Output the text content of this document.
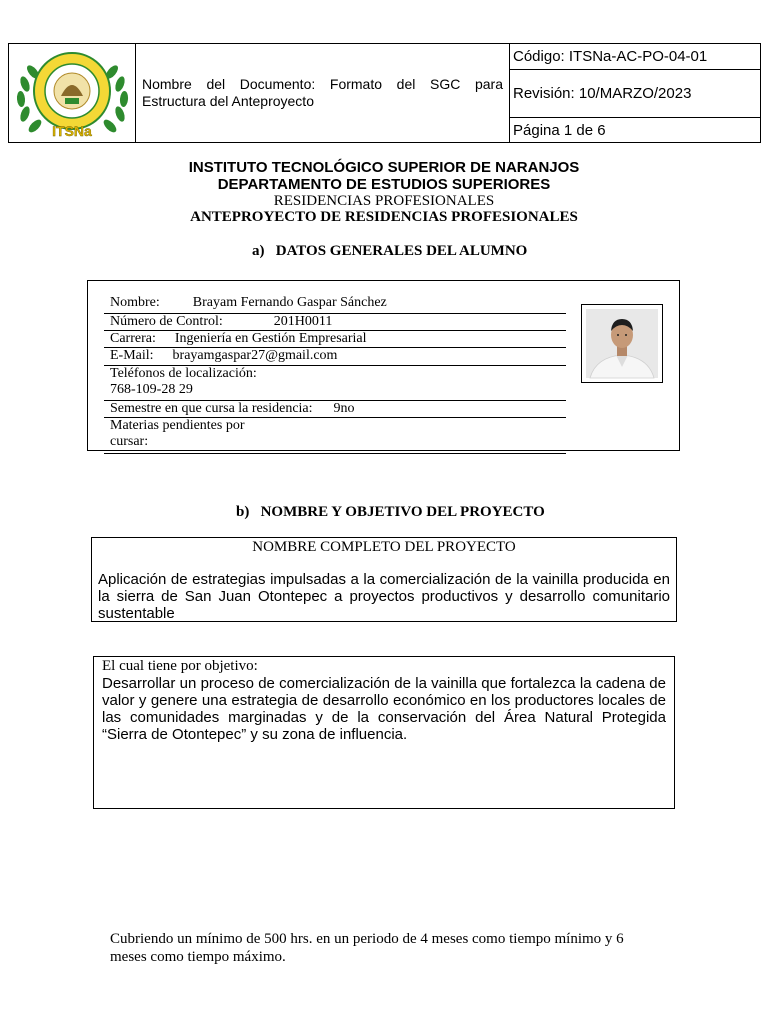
ITSNa
Nombre del Documento: Formato del SGC para Estructura del Anteproyecto
Código: ITSNa-AC-PO-04-01
Revisión: 10/MARZO/2023
Página 1 de 6
INSTITUTO TECNOLÓGICO SUPERIOR DE NARANJOS
DEPARTAMENTO DE ESTUDIOS SUPERIORES
RESIDENCIAS PROFESIONALES
ANTEPROYECTO DE RESIDENCIAS PROFESIONALES
a)   DATOS GENERALES DEL ALUMNO
Nombre: Brayam Fernando Gaspar Sánchez
Número de Control:	201H0011
Carrera: Ingeniería en Gestión Empresarial
E-Mail: brayamgaspar27@gmail.com
Teléfonos de localización:
768-109-28 29
Semestre en que cursa la residencia: 9no
Materias pendientes por
cursar:
b)   NOMBRE Y OBJETIVO DEL PROYECTO
NOMBRE COMPLETO DEL PROYECTO
Aplicación de estrategias impulsadas a la comercialización de la vainilla producida en la sierra de San Juan Otontepec a proyectos productivos y desarrollo comunitario sustentable
El cual tiene por objetivo:
Desarrollar un proceso de comercialización de la vainilla que fortalezca la cadena de valor y genere una estrategia de desarrollo económico en los productores locales de las comunidades marginadas y de la conservación del Área Natural Protegida “Sierra de Otontepec” y su zona de influencia.
Cubriendo un mínimo de 500 hrs. en un periodo de 4 meses como tiempo mínimo y 6 meses como tiempo máximo.
